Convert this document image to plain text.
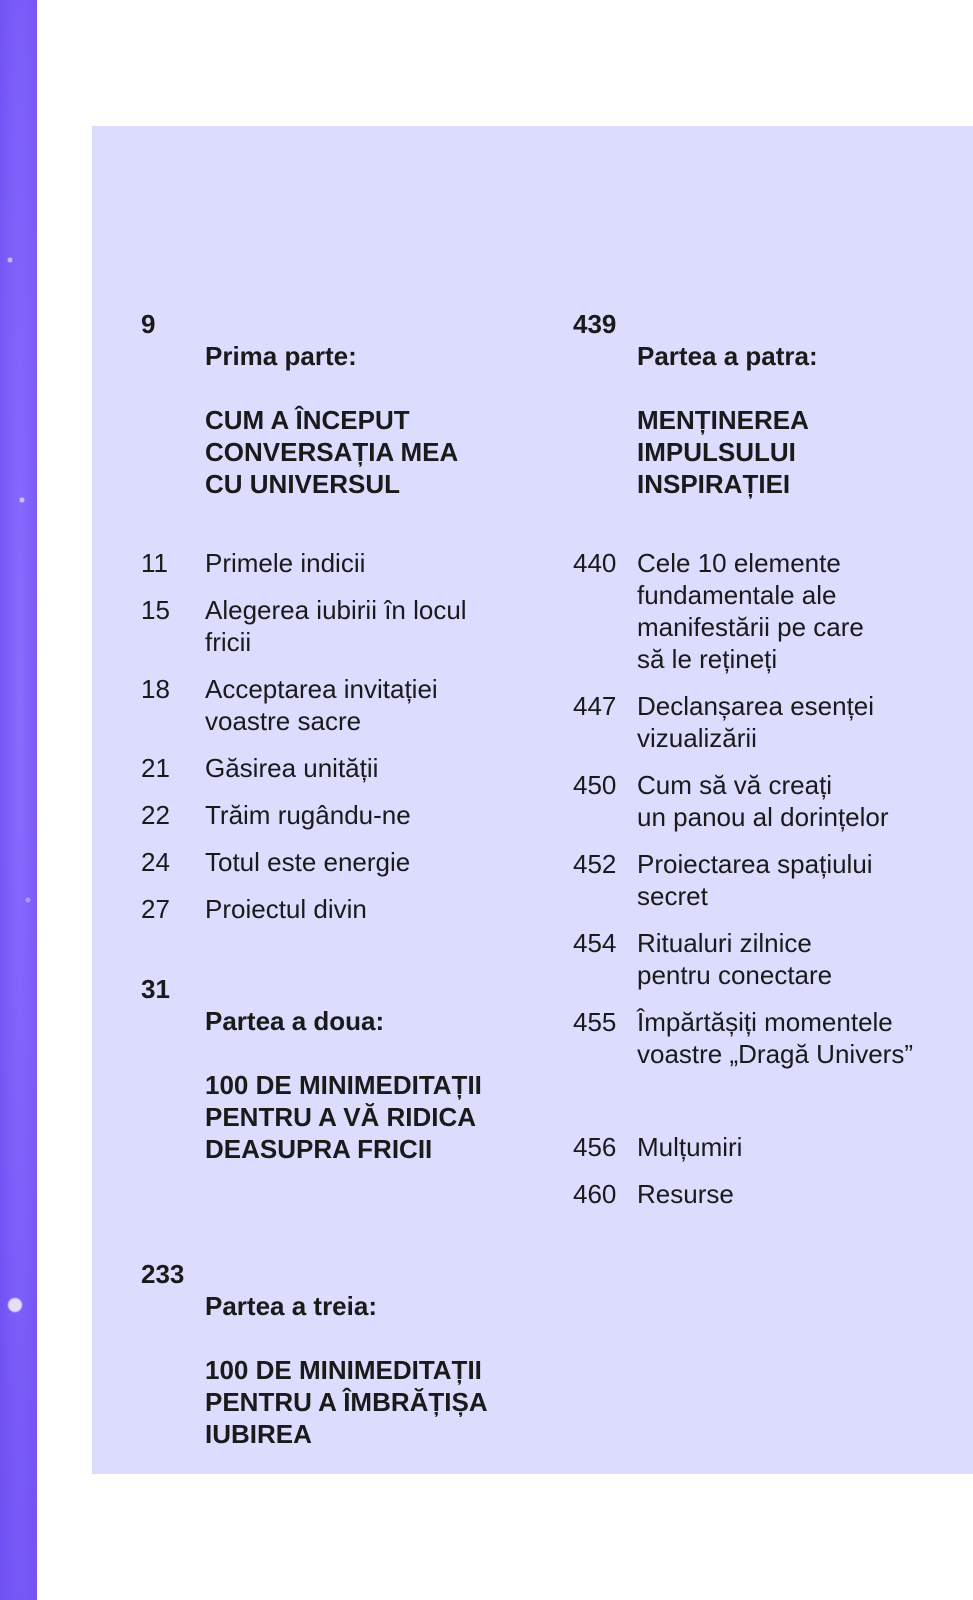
9

Prima parte:

CUM A ÎNCEPUT
CONVERSAȚIA MEA
CU UNIVERSUL

11	Primele indicii
15	Alegerea iubirii în locul
fricii
18	Acceptarea invitației
voastre sacre
21	Găsirea unității
22	Trăim rugându-ne
24	Totul este energie
27	Proiectul divin
31

Partea a doua:

100 DE MINIMEDITAȚII
PENTRU A VĂ RIDICA
DEASUPRA FRICII

233

Partea a treia:

100 DE MINIMEDITAȚII
PENTRU A ÎMBRĂȚIȘA
IUBIREA

439

Partea a patra:

MENȚINEREA
IMPULSULUI
INSPIRAȚIEI

440 Cele 10 elemente
fundamentale ale
manifestării pe care
să le rețineți
447 Declanșarea esenței
vizualizării
450 Cum să vă creați
un panou al dorințelor
452 Proiectarea spațiului
secret
454 Ritualuri zilnice
pentru conectare
455 Împărtășiți momentele
voastre „Dragă Univers”
456 Mulțumiri
460 Resurse
